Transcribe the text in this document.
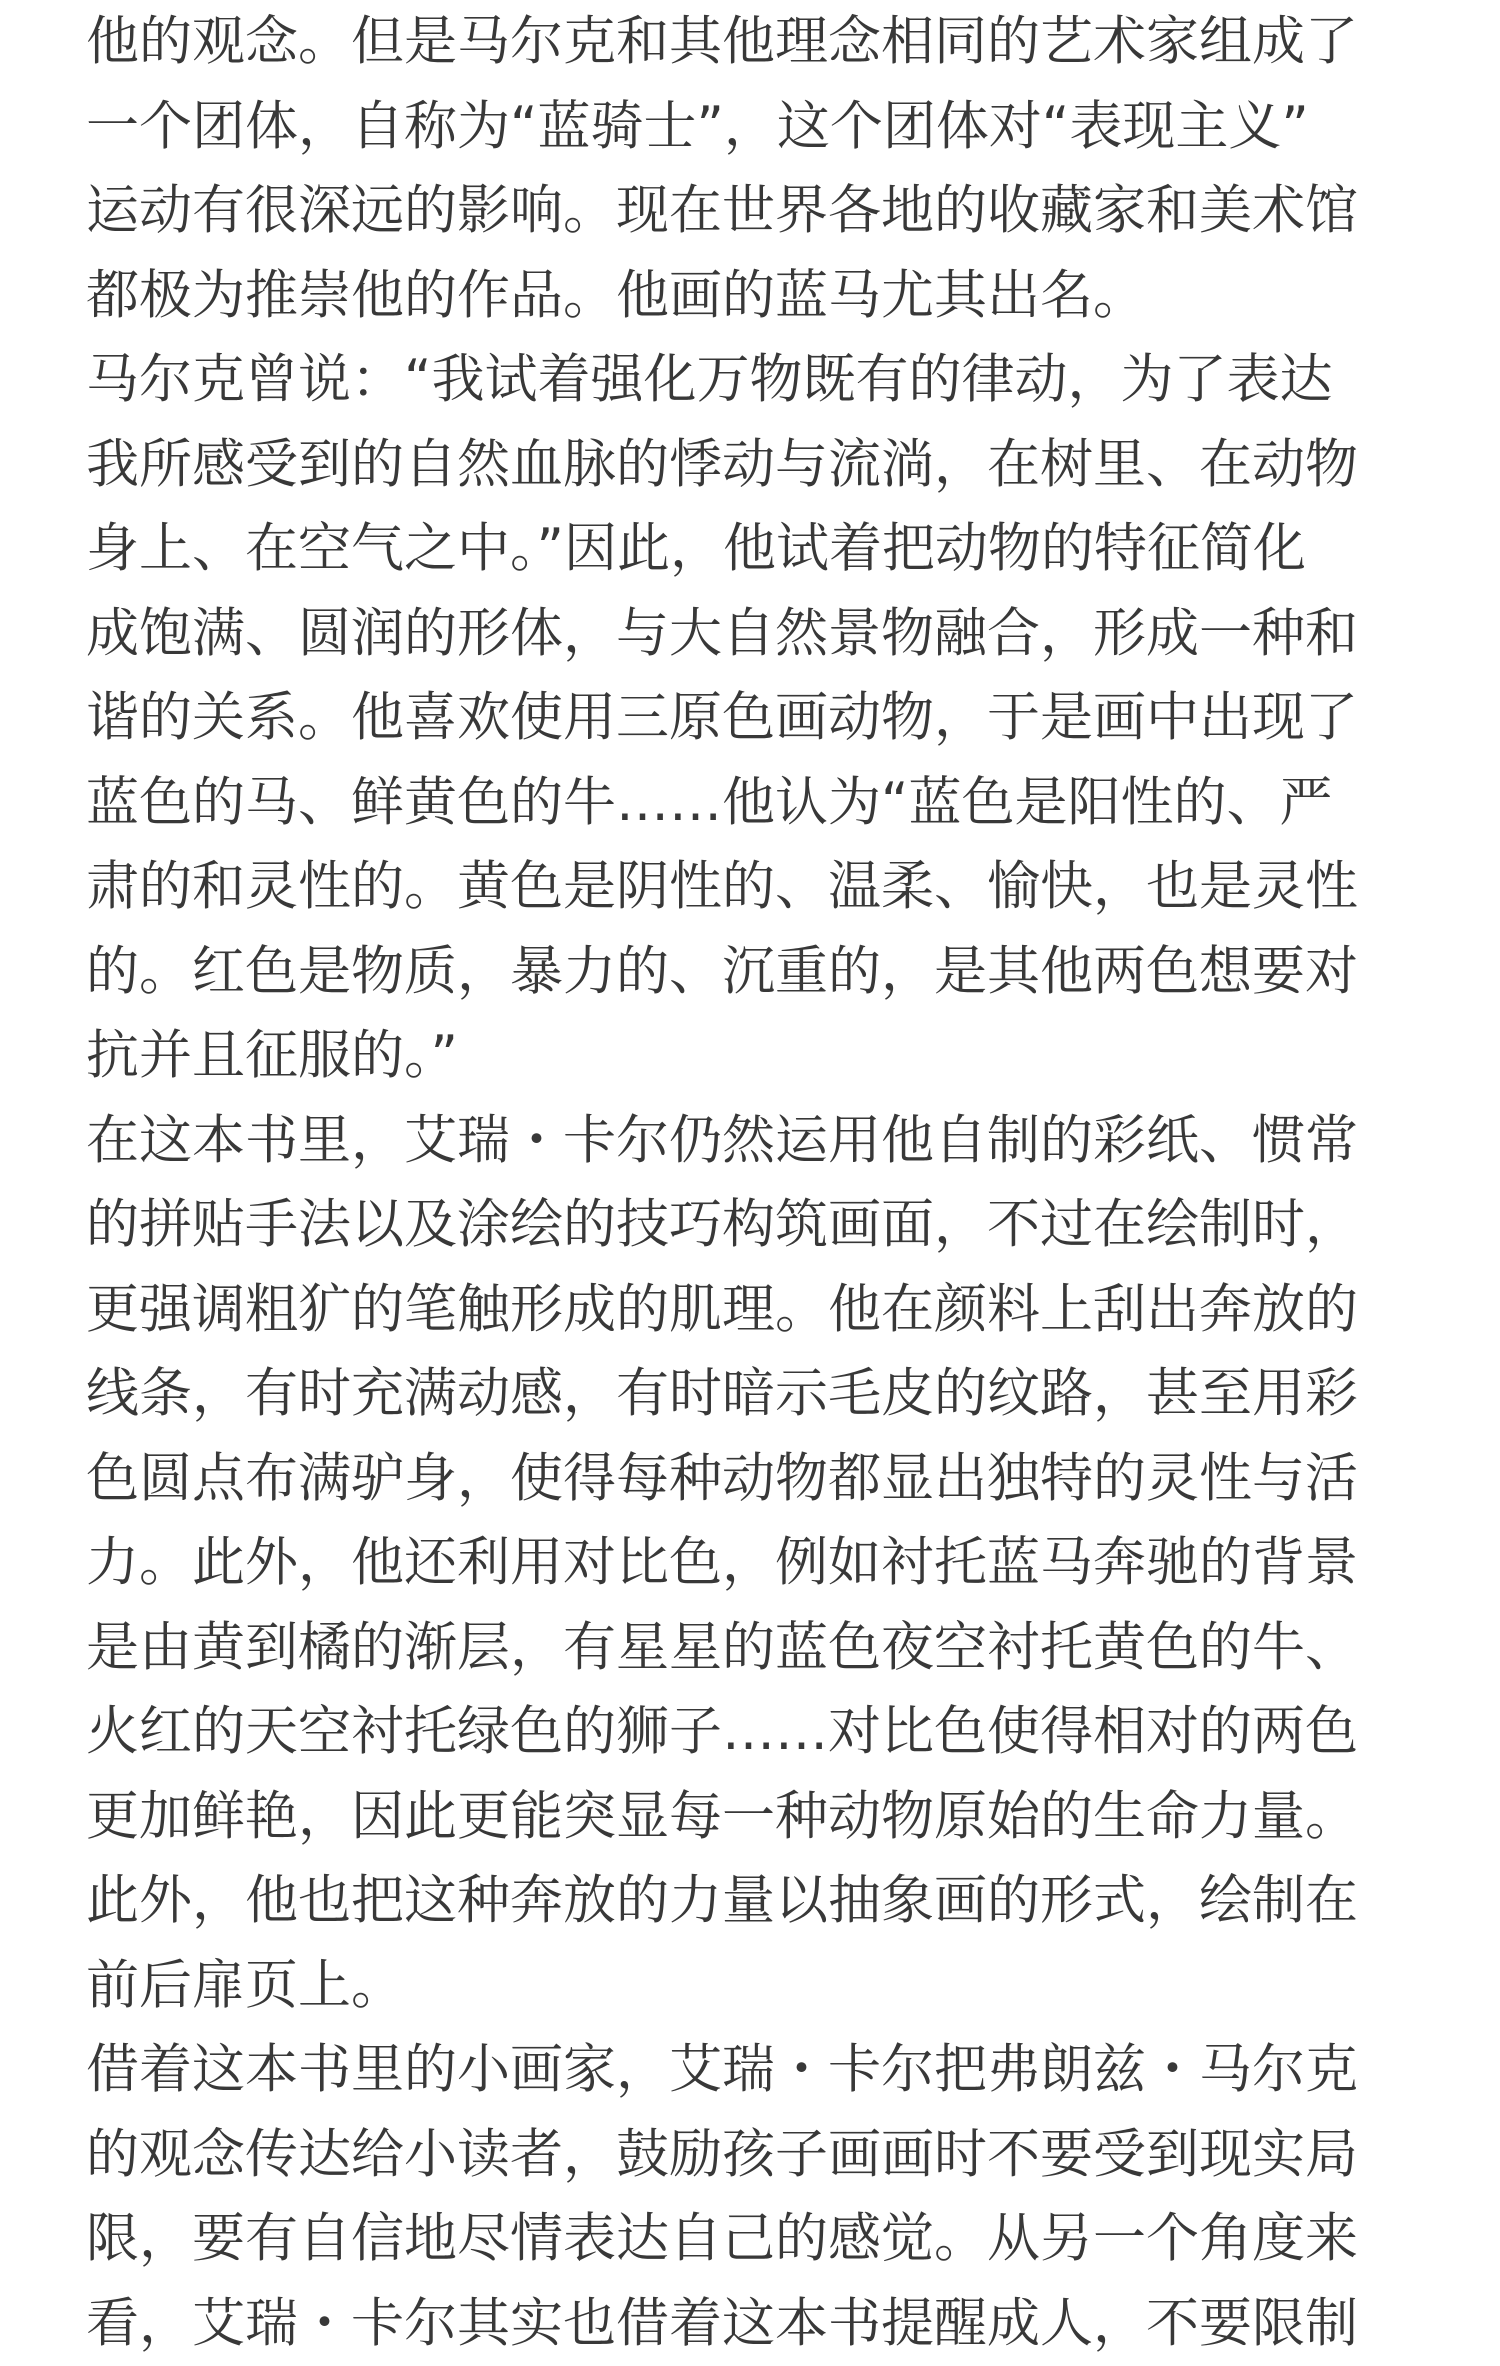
他的观念。但是马尔克和其他理念相同的艺术家组成了
一个团体，自称为“蓝骑士”，这个团体对“表现主义”
运动有很深远的影响。现在世界各地的收藏家和美术馆
都极为推崇他的作品。他画的蓝马尤其出名。
马尔克曾说：“我试着强化万物既有的律动，为了表达
我所感受到的自然血脉的悸动与流淌，在树里、在动物
身上、在空气之中。”因此，他试着把动物的特征简化
成饱满、圆润的形体，与大自然景物融合，形成一种和
谐的关系。他喜欢使用三原色画动物，于是画中出现了
蓝色的马、鲜黄色的牛……他认为“蓝色是阳性的、严
肃的和灵性的。黄色是阴性的、温柔、愉快，也是灵性
的。红色是物质，暴力的、沉重的，是其他两色想要对
抗并且征服的。”
在这本书里，艾瑞・卡尔仍然运用他自制的彩纸、惯常
的拼贴手法以及涂绘的技巧构筑画面，不过在绘制时，
更强调粗犷的笔触形成的肌理。他在颜料上刮出奔放的
线条，有时充满动感，有时暗示毛皮的纹路，甚至用彩
色圆点布满驴身，使得每种动物都显出独特的灵性与活
力。此外，他还利用对比色，例如衬托蓝马奔驰的背景
是由黄到橘的渐层，有星星的蓝色夜空衬托黄色的牛、
火红的天空衬托绿色的狮子……对比色使得相对的两色
更加鲜艳，因此更能突显每一种动物原始的生命力量。
此外，他也把这种奔放的力量以抽象画的形式，绘制在
前后扉页上。
借着这本书里的小画家，艾瑞・卡尔把弗朗兹・马尔克
的观念传达给小读者，鼓励孩子画画时不要受到现实局
限，要有自信地尽情表达自己的感觉。从另一个角度来
看，艾瑞・卡尔其实也借着这本书提醒成人，不要限制
